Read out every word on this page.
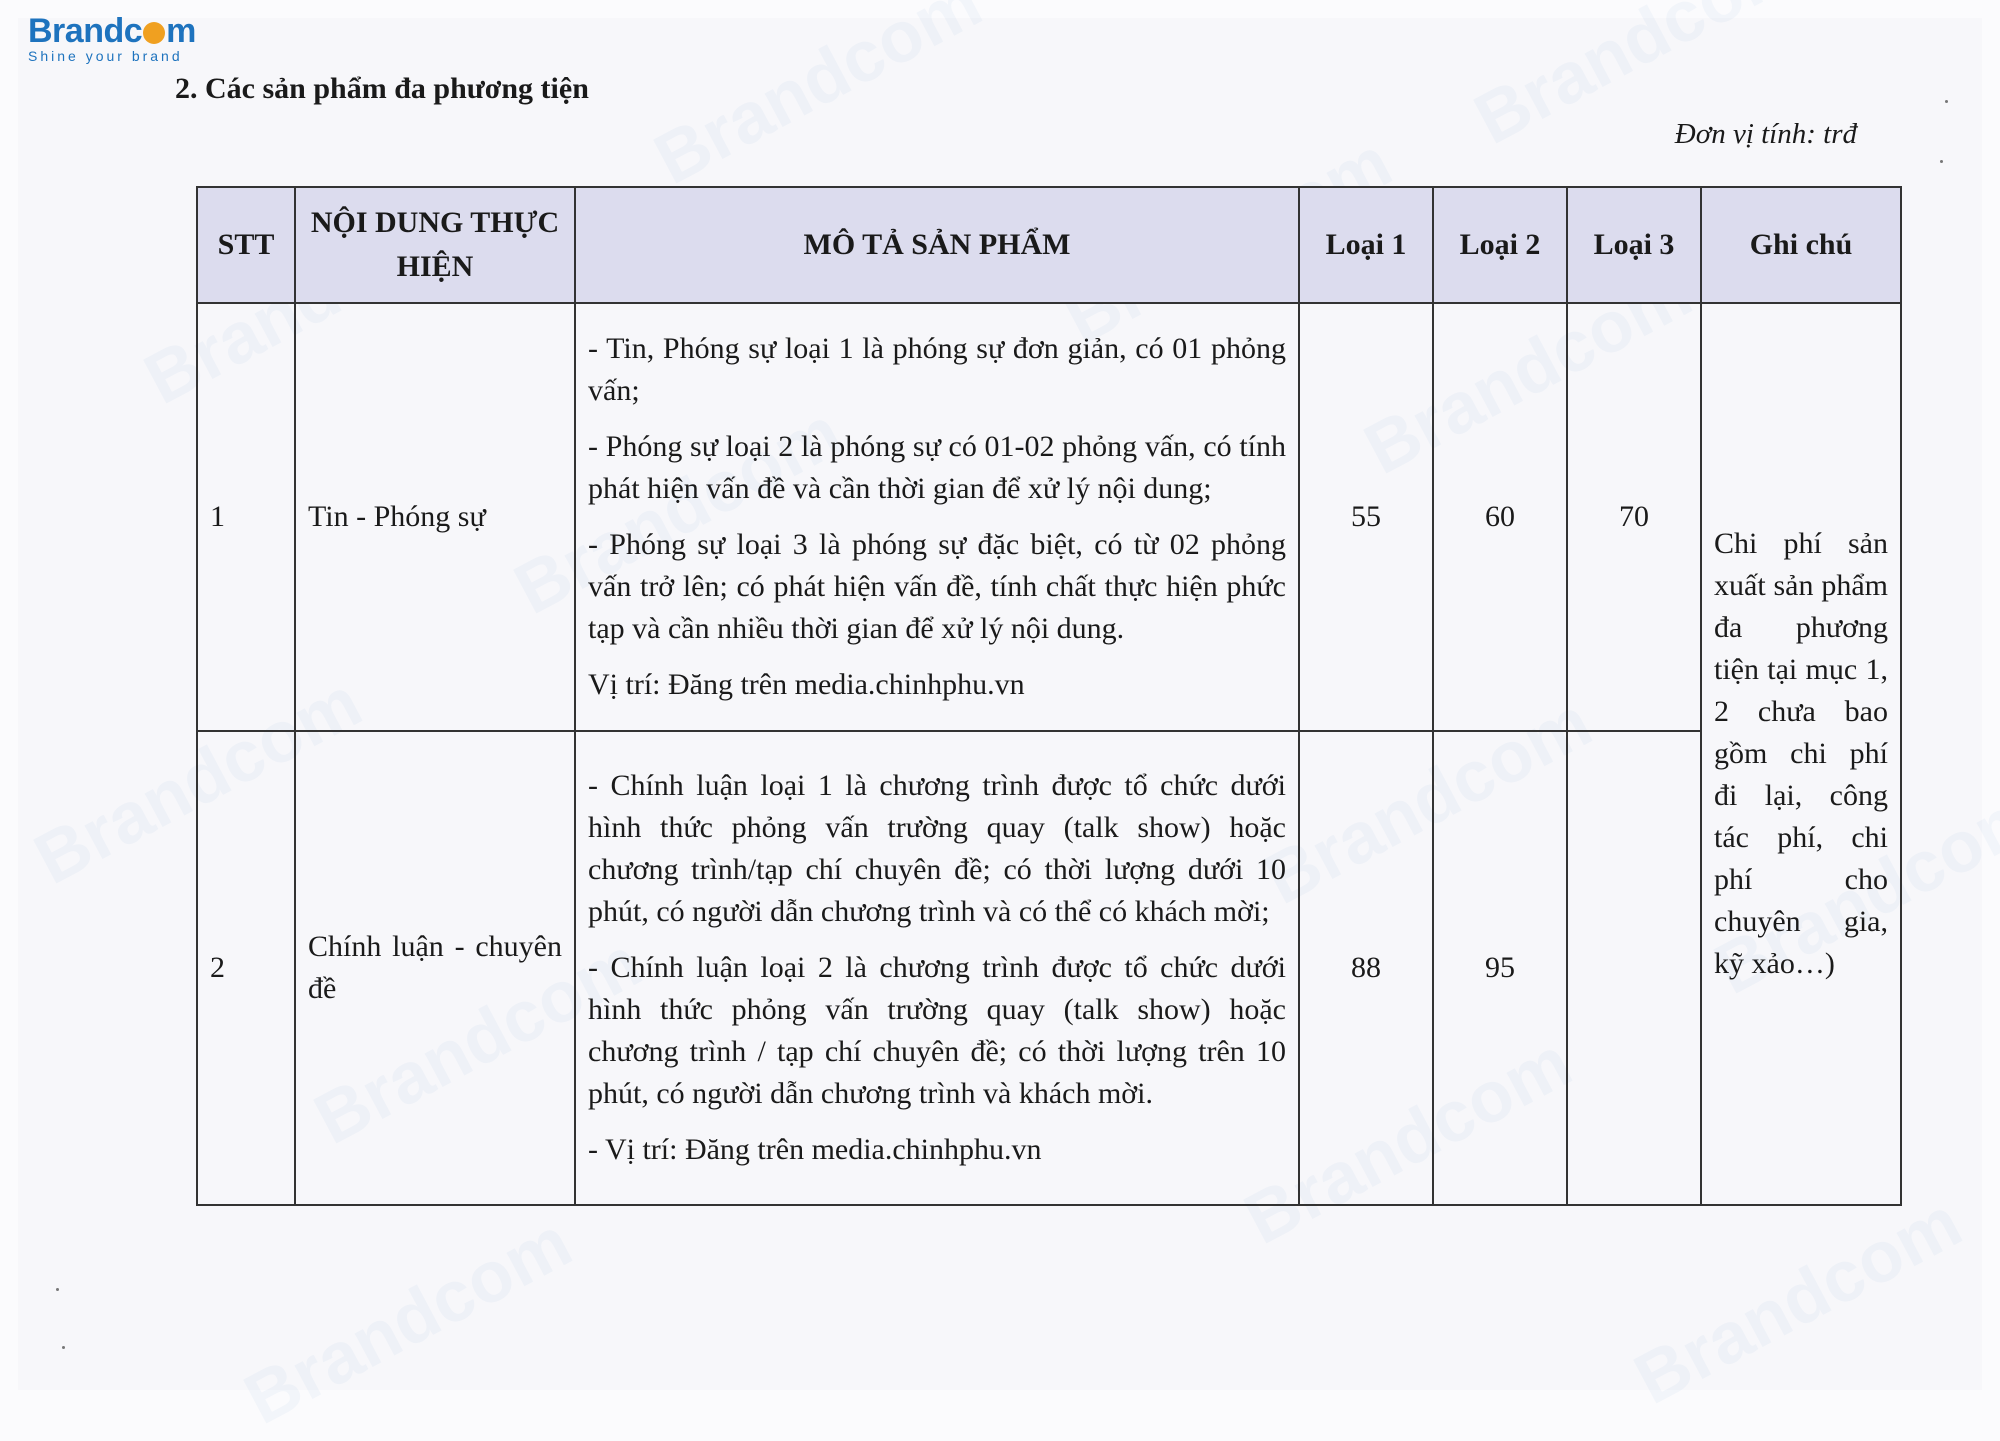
Brandc m
Shine your brand
2. Các sản phẩm đa phương tiện
Đơn vị tính: trđ
STT	NỘI DUNG THỰC HIỆN	MÔ TẢ SẢN PHẨM	Loại 1	Loại 2	Loại 3	Ghi chú
1	Tin - Phóng sự	- Tin, Phóng sự loại 1 là phóng sự đơn giản, có 01 phỏng vấn;

- Phóng sự loại 2 là phóng sự có 01-02 phỏng vấn, có tính phát hiện vấn đề và cần thời gian để xử lý nội dung;

- Phóng sự loại 3 là phóng sự đặc biệt, có từ 02 phỏng vấn trở lên; có phát hiện vấn đề, tính chất thực hiện phức tạp và cần nhiều thời gian để xử lý nội dung.

Vị trí: Đăng trên media.chinhphu.vn	55	60	70	Chi phí sản xuất sản phẩm đa phương tiện tại mục 1, 2 chưa bao gồm chi phí đi lại, công tác phí, chi phí cho chuyên gia, kỹ xảo…)
2	Chính luận - chuyên đề	- Chính luận loại 1 là chương trình được tổ chức dưới hình thức phỏng vấn trường quay (talk show) hoặc chương trình/tạp chí chuyên đề; có thời lượng dưới 10 phút, có người dẫn chương trình và có thể có khách mời;

- Chính luận loại 2 là chương trình được tổ chức dưới hình thức phỏng vấn trường quay (talk show) hoặc chương trình / tạp chí chuyên đề; có thời lượng trên 10 phút, có người dẫn chương trình và khách mời.

- Vị trí: Đăng trên media.chinhphu.vn	88	95		
